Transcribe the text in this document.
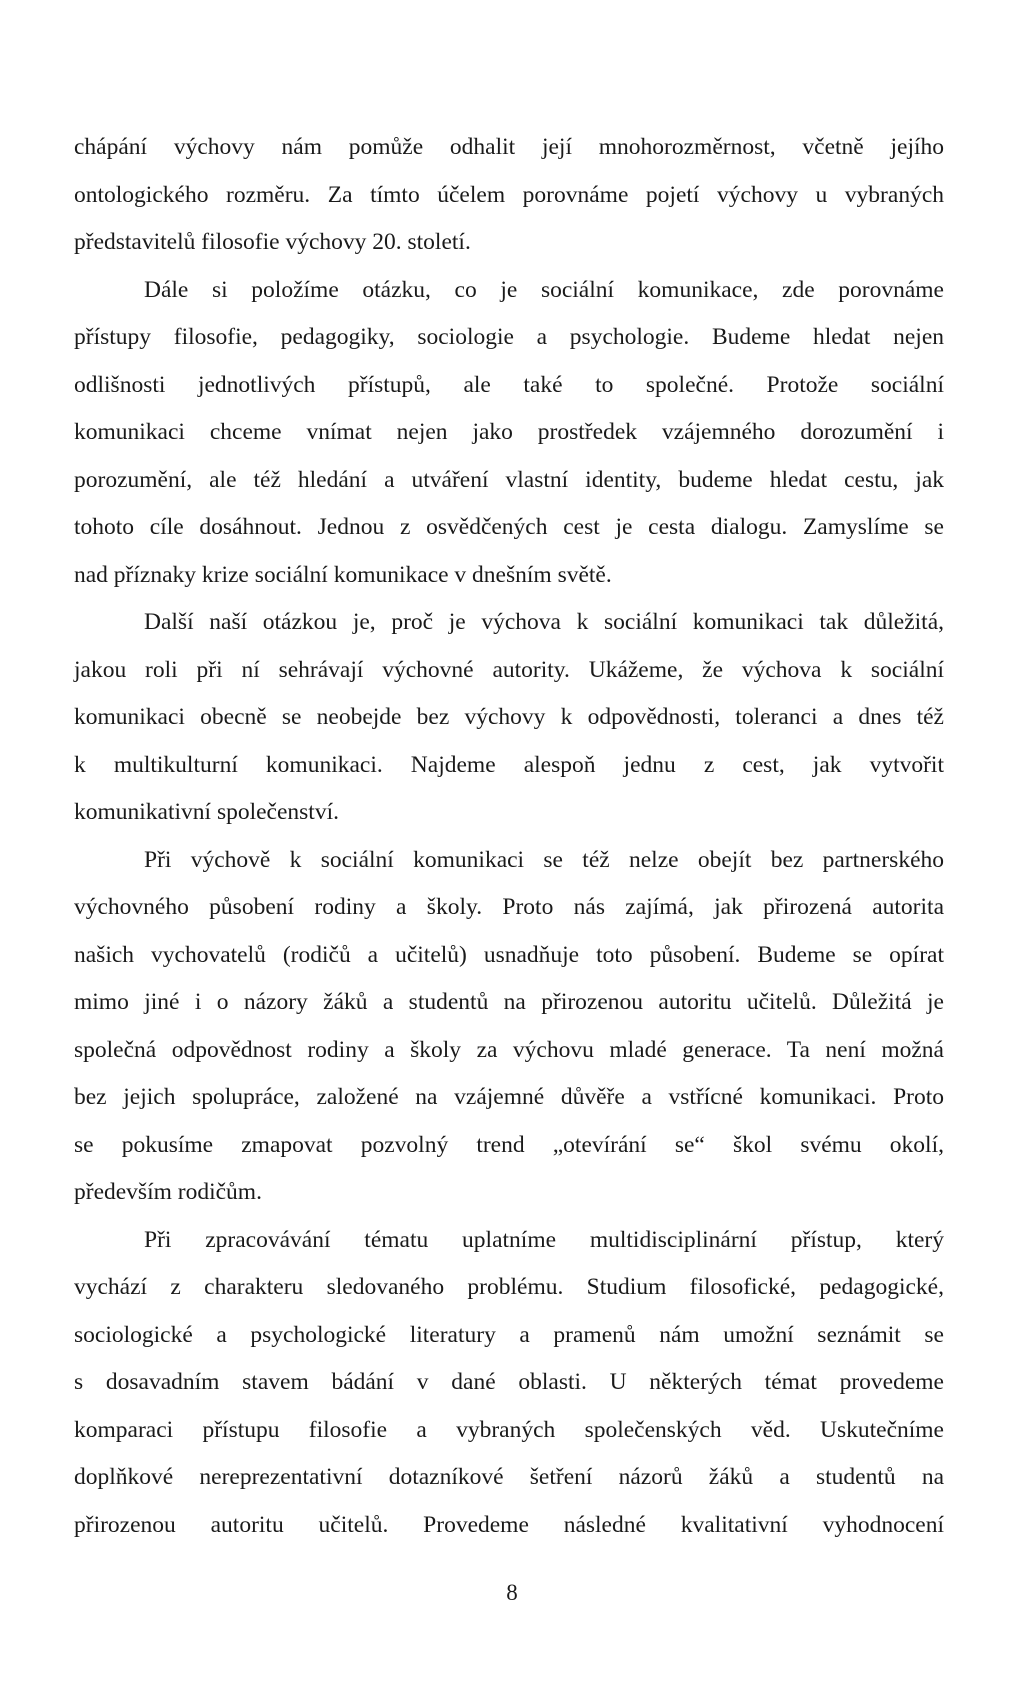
chápání výchovy nám pomůže odhalit její mnohorozměrnost, včetně jejího
ontologického rozměru. Za tímto účelem porovnáme pojetí výchovy u vybraných
představitelů filosofie výchovy 20. století.

Dále si položíme otázku, co je sociální komunikace, zde porovnáme
přístupy filosofie, pedagogiky, sociologie a psychologie. Budeme hledat nejen
odlišnosti jednotlivých přístupů, ale také to společné. Protože sociální
komunikaci chceme vnímat nejen jako prostředek vzájemného dorozumění i
porozumění, ale též hledání a utváření vlastní identity, budeme hledat cestu, jak
tohoto cíle dosáhnout. Jednou z osvědčených cest je cesta dialogu. Zamyslíme se
nad příznaky krize sociální komunikace v dnešním světě.

Další naší otázkou je, proč je výchova k sociální komunikaci tak důležitá,
jakou roli při ní sehrávají výchovné autority. Ukážeme, že výchova k sociální
komunikaci obecně se neobejde bez výchovy k odpovědnosti, toleranci a dnes též
k multikulturní komunikaci. Najdeme alespoň jednu z cest, jak vytvořit
komunikativní společenství.

Při výchově k sociální komunikaci se též nelze obejít bez partnerského
výchovného působení rodiny a školy. Proto nás zajímá, jak přirozená autorita
našich vychovatelů (rodičů a učitelů) usnadňuje toto působení. Budeme se opírat
mimo jiné i o názory žáků a studentů na přirozenou autoritu učitelů. Důležitá je
společná odpovědnost rodiny a školy za výchovu mladé generace. Ta není možná
bez jejich spolupráce, založené na vzájemné důvěře a vstřícné komunikaci. Proto
se pokusíme zmapovat pozvolný trend „otevírání se“ škol svému okolí,
především rodičům.

Při zpracovávání tématu uplatníme multidisciplinární přístup, který
vychází z charakteru sledovaného problému. Studium filosofické, pedagogické,
sociologické a psychologické literatury a pramenů nám umožní seznámit se
s dosavadním stavem bádání v dané oblasti. U některých témat provedeme
komparaci přístupu filosofie a vybraných společenských věd. Uskutečníme
doplňkové nereprezentativní dotazníkové šetření názorů žáků a studentů na
přirozenou autoritu učitelů. Provedeme následné kvalitativní vyhodnocení

8
